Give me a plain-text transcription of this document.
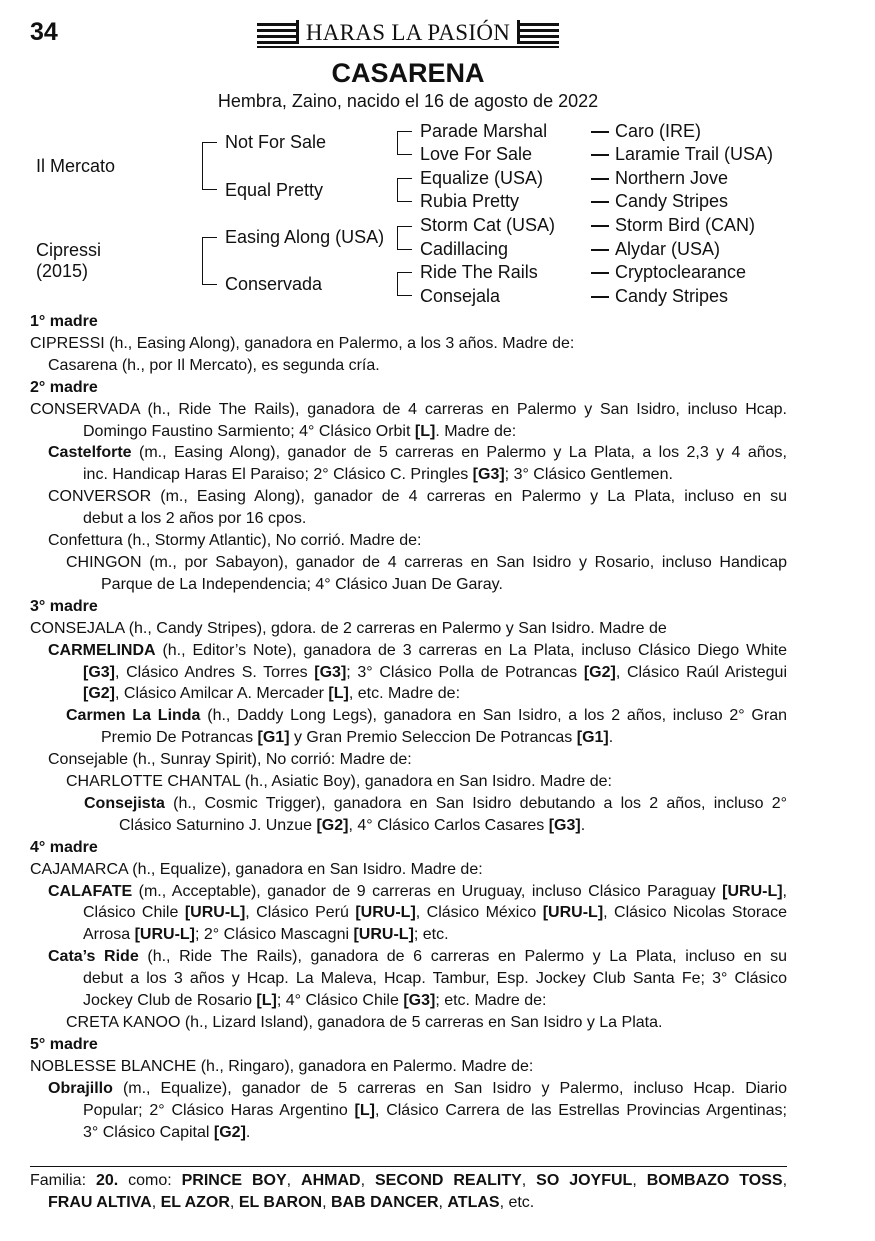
34	HARAS LA PASIÓN
CASARENA
Hembra, Zaino, nacido el 16 de agosto de 2022
Il Mercato
Cipressi
(2015)
Not For Sale
Equal Pretty
Easing Along (USA)
Conservada
Parade Marshal
Love For Sale
Equalize (USA)
Rubia Pretty
Storm Cat (USA)
Cadillacing
Ride The Rails
Consejala
Caro (IRE)
Laramie Trail (USA)
Northern Jove
Candy Stripes
Storm Bird (CAN)
Alydar (USA)
Cryptoclearance
Candy Stripes
1° madre
CIPRESSI (h., Easing Along), ganadora en Palermo, a los 3 años. Madre de:
Casarena (h., por Il Mercato), es segunda cría.
2° madre
CONSERVADA (h., Ride The Rails), ganadora de 4 carreras en Palermo y San Isidro, incluso Hcap.
Domingo Faustino Sarmiento; 4° Clásico Orbit [L]. Madre de:
Castelforte (m., Easing Along), ganador de 5 carreras en Palermo y La Plata, a los 2,3 y 4 años,
inc. Handicap Haras El Paraiso; 2° Clásico C. Pringles [G3]; 3° Clásico Gentlemen.
CONVERSOR (m., Easing Along), ganador de 4 carreras en Palermo y La Plata, incluso en su
debut a los 2 años por 16 cpos.
Confettura (h., Stormy Atlantic), No corrió. Madre de:
CHINGON (m., por Sabayon), ganador de 4 carreras en San Isidro y Rosario, incluso Handicap
Parque de La Independencia; 4° Clásico Juan De Garay.
3° madre
CONSEJALA (h., Candy Stripes), gdora. de 2 carreras en Palermo y San Isidro. Madre de
CARMELINDA (h., Editor’s Note), ganadora de 3 carreras en La Plata, incluso Clásico Diego White
[G3], Clásico Andres S. Torres [G3]; 3° Clásico Polla de Potrancas [G2], Clásico Raúl Aristegui
[G2], Clásico Amilcar A. Mercader [L], etc. Madre de:
Carmen La Linda (h., Daddy Long Legs), ganadora en San Isidro, a los 2 años, incluso 2° Gran
Premio De Potrancas [G1] y Gran Premio Seleccion De Potrancas [G1].
Consejable (h., Sunray Spirit), No corrió: Madre de:
CHARLOTTE CHANTAL (h., Asiatic Boy), ganadora en San Isidro. Madre de:
Consejista (h., Cosmic Trigger), ganadora en San Isidro debutando a los 2 años, incluso 2°
Clásico Saturnino J. Unzue [G2], 4° Clásico Carlos Casares [G3].
4° madre
CAJAMARCA (h., Equalize), ganadora en San Isidro. Madre de:
CALAFATE (m., Acceptable), ganador de 9 carreras en Uruguay, incluso Clásico Paraguay [URU-L],
Clásico Chile [URU-L], Clásico Perú [URU-L], Clásico México [URU-L], Clásico Nicolas Storace
Arrosa [URU-L]; 2° Clásico Mascagni [URU-L]; etc.
Cata’s Ride (h., Ride The Rails), ganadora de 6 carreras en Palermo y La Plata, incluso en su
debut a los 3 años y Hcap. La Maleva, Hcap. Tambur, Esp. Jockey Club Santa Fe; 3° Clásico
Jockey Club de Rosario [L]; 4° Clásico Chile [G3]; etc. Madre de:
CRETA KANOO (h., Lizard Island), ganadora de 5 carreras en San Isidro y La Plata.
5° madre
NOBLESSE BLANCHE (h., Ringaro), ganadora en Palermo. Madre de:
Obrajillo (m., Equalize), ganador de 5 carreras en San Isidro y Palermo, incluso Hcap. Diario
Popular; 2° Clásico Haras Argentino [L], Clásico Carrera de las Estrellas Provincias Argentinas;
3° Clásico Capital [G2].
Familia: 20. como: PRINCE BOY, AHMAD, SECOND REALITY, SO JOYFUL, BOMBAZO TOSS,
FRAU ALTIVA, EL AZOR, EL BARON, BAB DANCER, ATLAS, etc.
